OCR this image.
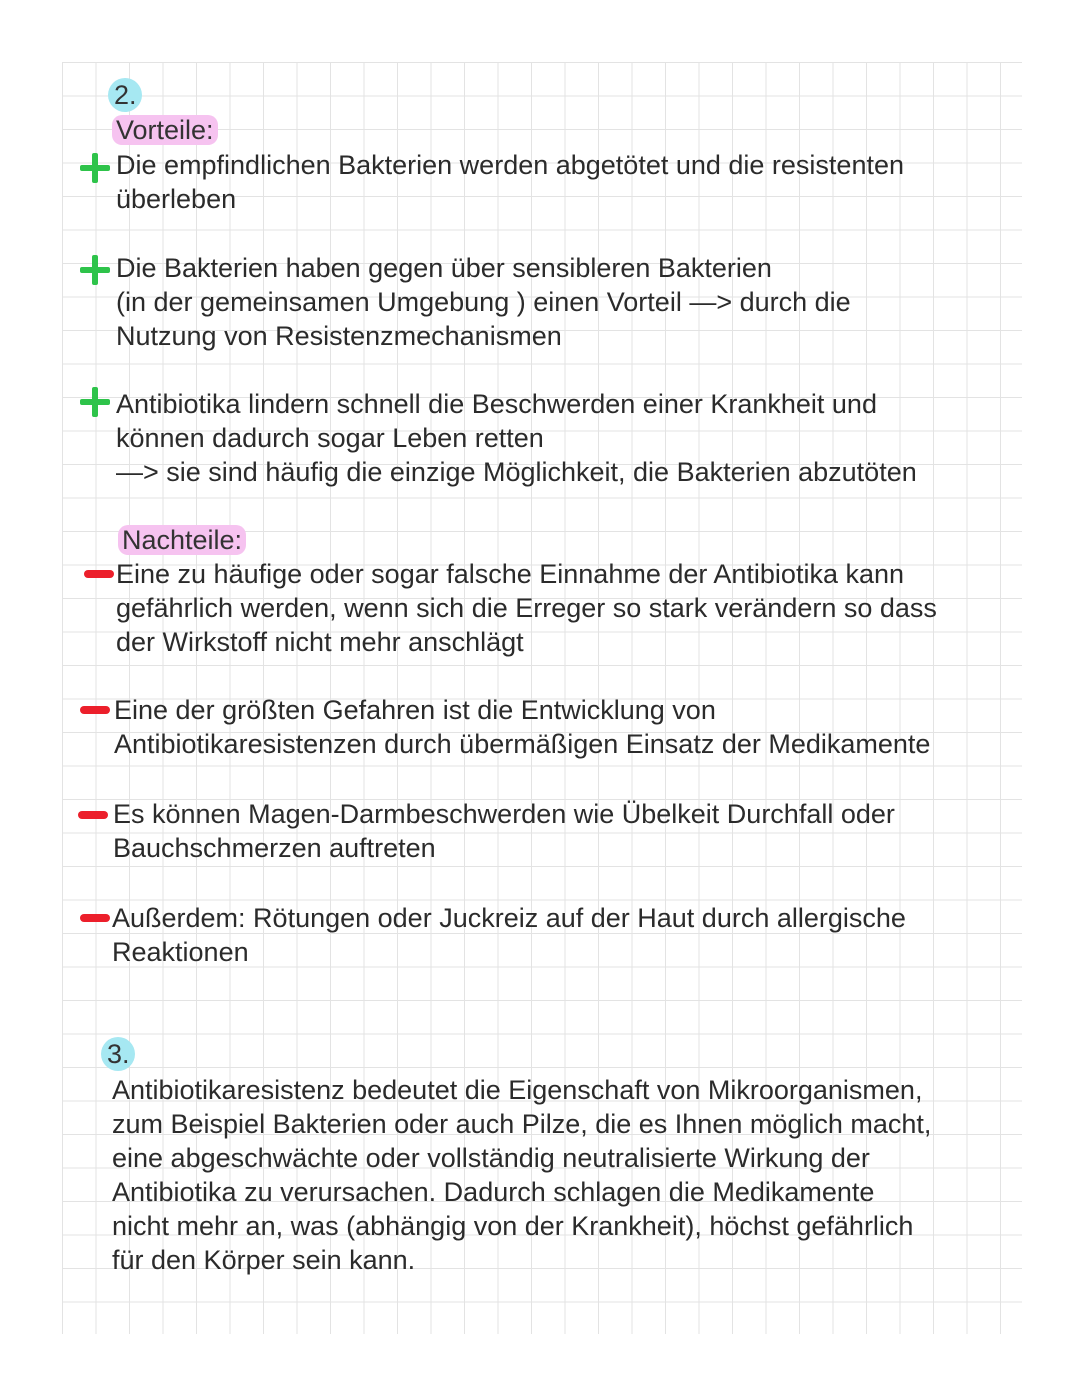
2.
Vorteile:
Die empfindlichen Bakterien werden abgetötet und die resistenten
überleben
Die Bakterien haben gegen über sensibleren Bakterien
(in der gemeinsamen Umgebung ) einen Vorteil —> durch die
Nutzung von Resistenzmechanismen
Antibiotika lindern schnell die Beschwerden einer Krankheit und
können dadurch sogar Leben retten
—> sie sind häufig die einzige Möglichkeit, die Bakterien abzutöten
Nachteile:
Eine zu häufige oder sogar falsche Einnahme der Antibiotika kann
gefährlich werden, wenn sich die Erreger so stark verändern so dass
der Wirkstoff nicht mehr anschlägt
Eine der größten Gefahren ist die Entwicklung von
Antibiotikaresistenzen durch übermäßigen Einsatz der Medikamente
Es können Magen-Darmbeschwerden wie Übelkeit Durchfall oder
Bauchschmerzen auftreten
Außerdem: Rötungen oder Juckreiz auf der Haut durch allergische
Reaktionen
3.
Antibiotikaresistenz bedeutet die Eigenschaft von Mikroorganismen,
zum Beispiel Bakterien oder auch Pilze, die es Ihnen möglich macht,
eine abgeschwächte oder vollständig neutralisierte Wirkung der
Antibiotika zu verursachen. Dadurch schlagen die Medikamente
nicht mehr an, was (abhängig von der Krankheit), höchst gefährlich
für den Körper sein kann.
